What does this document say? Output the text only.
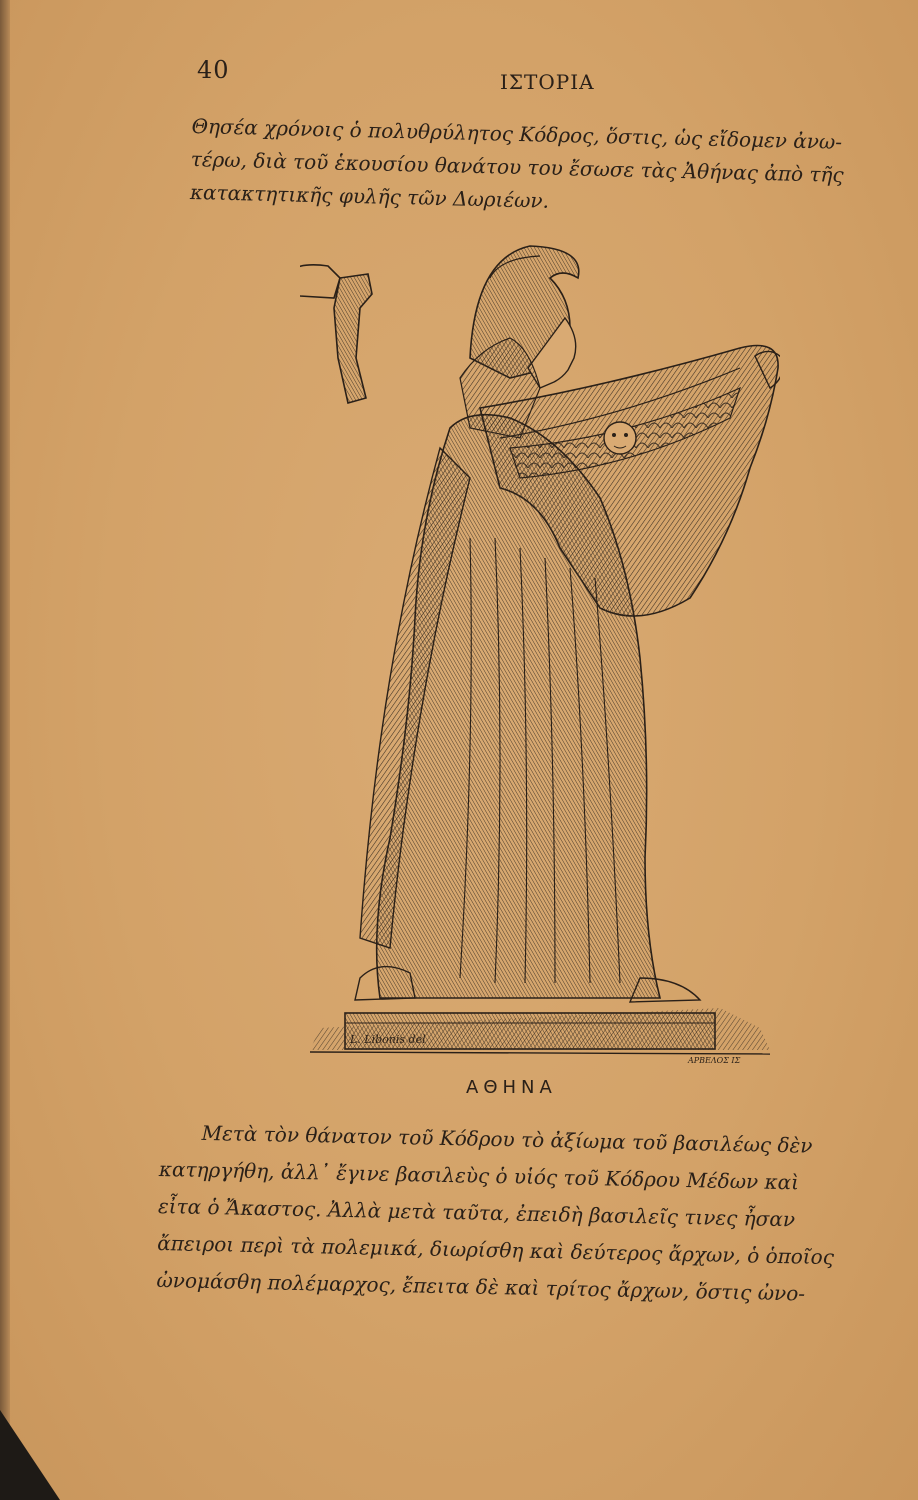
40	ΙΣΤΟΡΙΑ
Θησέα χρόνοις ὁ πολυθρύλητος Κόδρος, ὅστις, ὡς εἴδομεν ἀνω-
τέρω, διὰ τοῦ ἑκουσίου θανάτου του ἔσωσε τὰς Ἀθήνας ἀπὸ τῆς
κατακτητικῆς φυλῆς τῶν Δωριέων.
L. Libonis del
ΑΡΒΕΛΟΣ ΙΣ
ΑΘΗΝΑ
Μετὰ τὸν θάνατον τοῦ Κόδρου τὸ ἀξίωμα τοῦ βασιλέως δὲν
κατηργήθη, ἀλλ᾽ ἔγινε βασιλεὺς ὁ υἱός τοῦ Κόδρου Μέδων καὶ
εἶτα ὁ Ἄκαστος. Ἀλλὰ μετὰ ταῦτα, ἐπειδὴ βασιλεῖς τινες ἦσαν
ἄπειροι περὶ τὰ πολεμικά, διωρίσθη καὶ δεύτερος ἄρχων, ὁ ὁποῖος
ὠνομάσθη πολέμαρχος, ἔπειτα δὲ καὶ τρίτος ἄρχων, ὅστις ὠνο-
